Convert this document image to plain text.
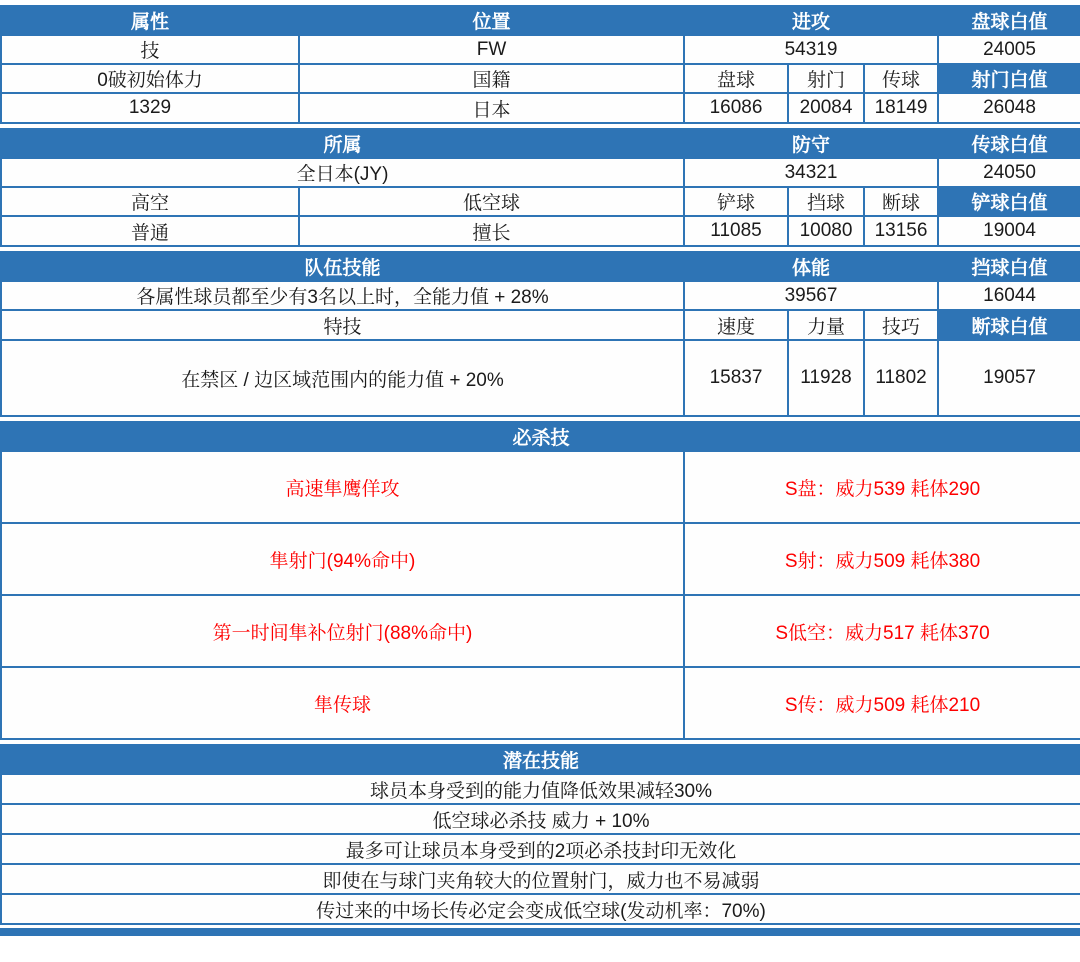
属性	位置	进攻			盘球白值
技	FW	54319			24005
0破初始体力	国籍	盘球	射门	传球	射门白值
1329	日本	16086	20084	18149	26048
所属		防守			传球白值
全日本(JY)		34321			24050
高空	低空球	铲球	挡球	断球	铲球白值
普通	擅长	11085	10080	13156	19004
队伍技能	体能			挡球白值
各属性球员都至少有3名以上时，全能力值 + 28%	39567			16044
特技	速度	力量	技巧	断球白值
在禁区 / 边区域范围内的能力值 + 20%	15837	11928	11802	19057
必杀技	
高速隼鹰佯攻	S盘：威力539 耗体290
隼射门(94%命中)	S射：威力509 耗体380
第一时间隼补位射门(88%命中)	S低空：威力517 耗体370
隼传球	S传：威力509 耗体210
潜在技能
球员本身受到的能力值降低效果减轻30%
低空球必杀技 威力 + 10%
最多可让球员本身受到的2项必杀技封印无效化
即使在与球门夹角较大的位置射门，威力也不易减弱
传过来的中场长传必定会变成低空球(发动机率：70%)
